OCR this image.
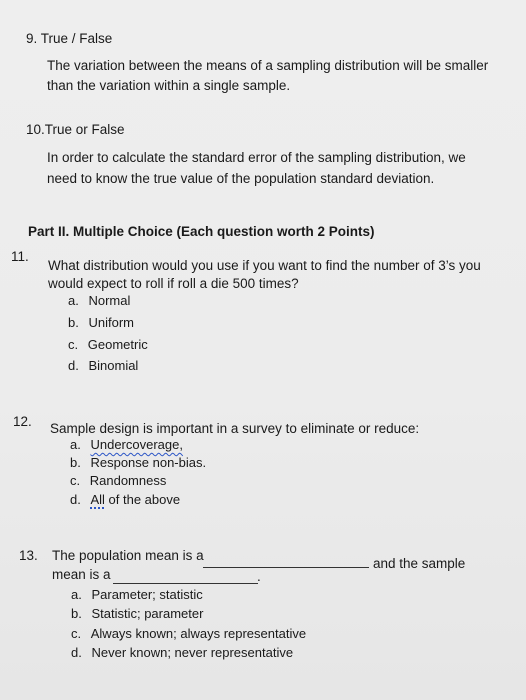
9. True / False
The variation between the means of a sampling distribution will be smaller
than the variation within a single sample.
10.True or False
In order to calculate the standard error of the sampling distribution, we
need to know the true value of the population standard deviation.
Part II. Multiple Choice (Each question worth 2 Points)
11.
What distribution would you use if you want to find the number of 3’s you
would expect to roll if roll a die 500 times?
a. Normal
b. Uniform
c. Geometric
d. Binomial
12. Sample design is important in a survey to eliminate or reduce:
a. Undercoverage,
b. Response non-bias.
c. Randomness
d. All of the above
13. The population mean is a
and the sample
mean is a	.
a. Parameter; statistic
b. Statistic; parameter
c. Always known; always representative
d. Never known; never representative
